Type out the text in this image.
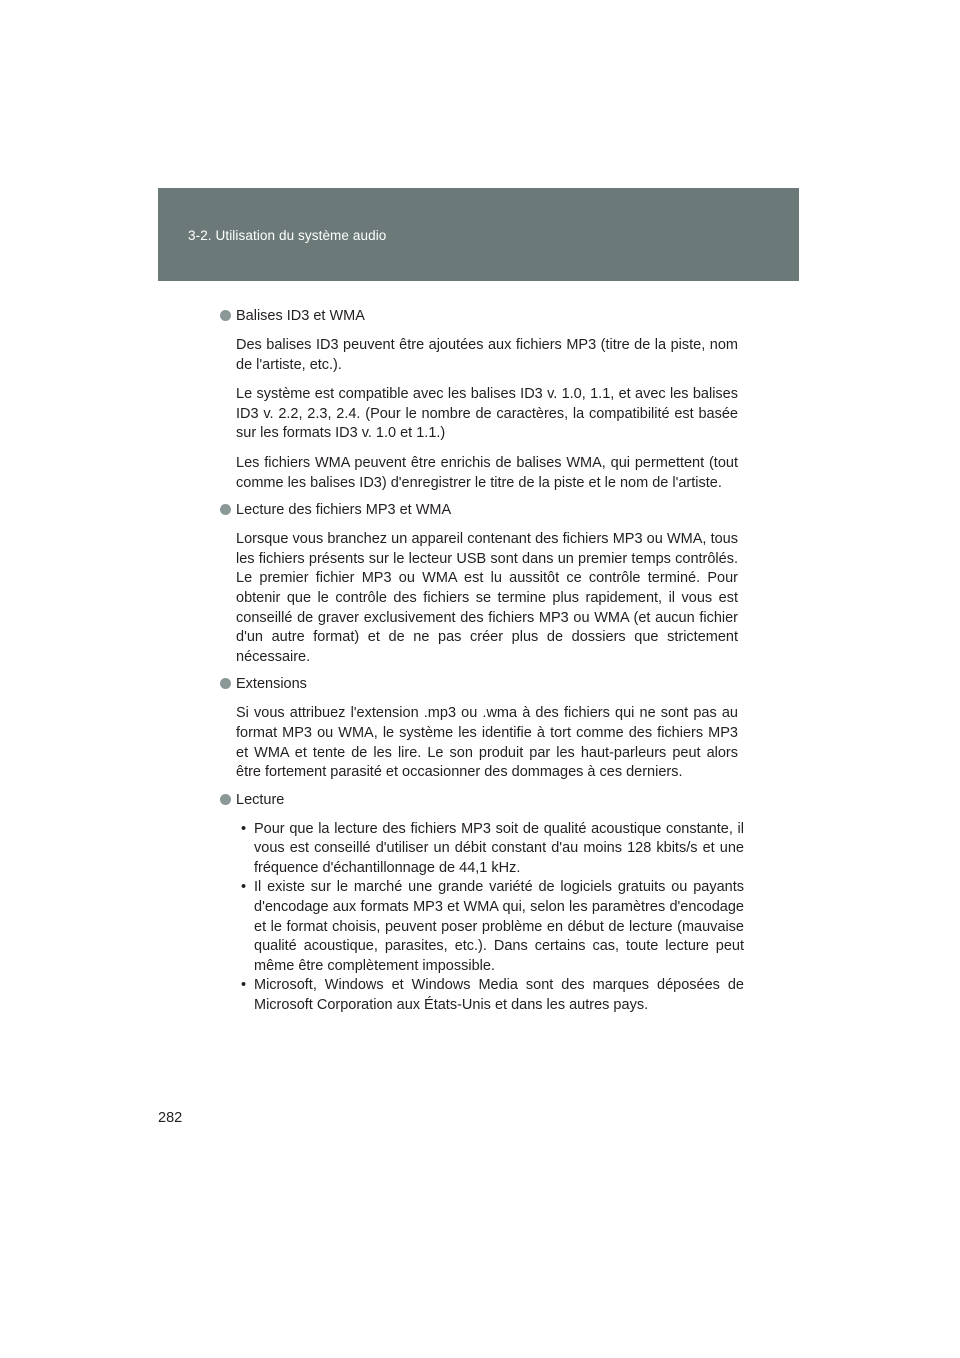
3-2. Utilisation du système audio
Balises ID3 et WMA

Des balises ID3 peuvent être ajoutées aux fichiers MP3 (titre de la piste, nom de l'artiste, etc.).

Le système est compatible avec les balises ID3 v. 1.0, 1.1, et avec les balises ID3 v. 2.2, 2.3, 2.4. (Pour le nombre de caractères, la compatibilité est basée sur les formats ID3 v. 1.0 et 1.1.)

Les fichiers WMA peuvent être enrichis de balises WMA, qui permettent (tout comme les balises ID3) d'enregistrer le titre de la piste et le nom de l'artiste.

Lecture des fichiers MP3 et WMA

Lorsque vous branchez un appareil contenant des fichiers MP3 ou WMA, tous les fichiers présents sur le lecteur USB sont dans un premier temps contrôlés. Le premier fichier MP3 ou WMA est lu aussitôt ce contrôle terminé. Pour obtenir que le contrôle des fichiers se termine plus rapidement, il vous est conseillé de graver exclusivement des fichiers MP3 ou WMA (et aucun fichier d'un autre format) et de ne pas créer plus de dossiers que strictement nécessaire.

Extensions

Si vous attribuez l'extension .mp3 ou .wma à des fichiers qui ne sont pas au format MP3 ou WMA, le système les identifie à tort comme des fichiers MP3 et WMA et tente de les lire. Le son produit par les haut-parleurs peut alors être fortement parasité et occasionner des dommages à ces derniers.

Lecture
• Pour que la lecture des fichiers MP3 soit de qualité acoustique constante, il vous est conseillé d'utiliser un débit constant d'au moins 128 kbits/s et une fréquence d'échantillonnage de 44,1 kHz.
• Il existe sur le marché une grande variété de logiciels gratuits ou payants d'encodage aux formats MP3 et WMA qui, selon les paramètres d'encodage et le format choisis, peuvent poser problème en début de lecture (mauvaise qualité acoustique, parasites, etc.). Dans certains cas, toute lecture peut même être complètement impossible.
• Microsoft, Windows et Windows Media sont des marques déposées de Microsoft Corporation aux États-Unis et dans les autres pays.
282
